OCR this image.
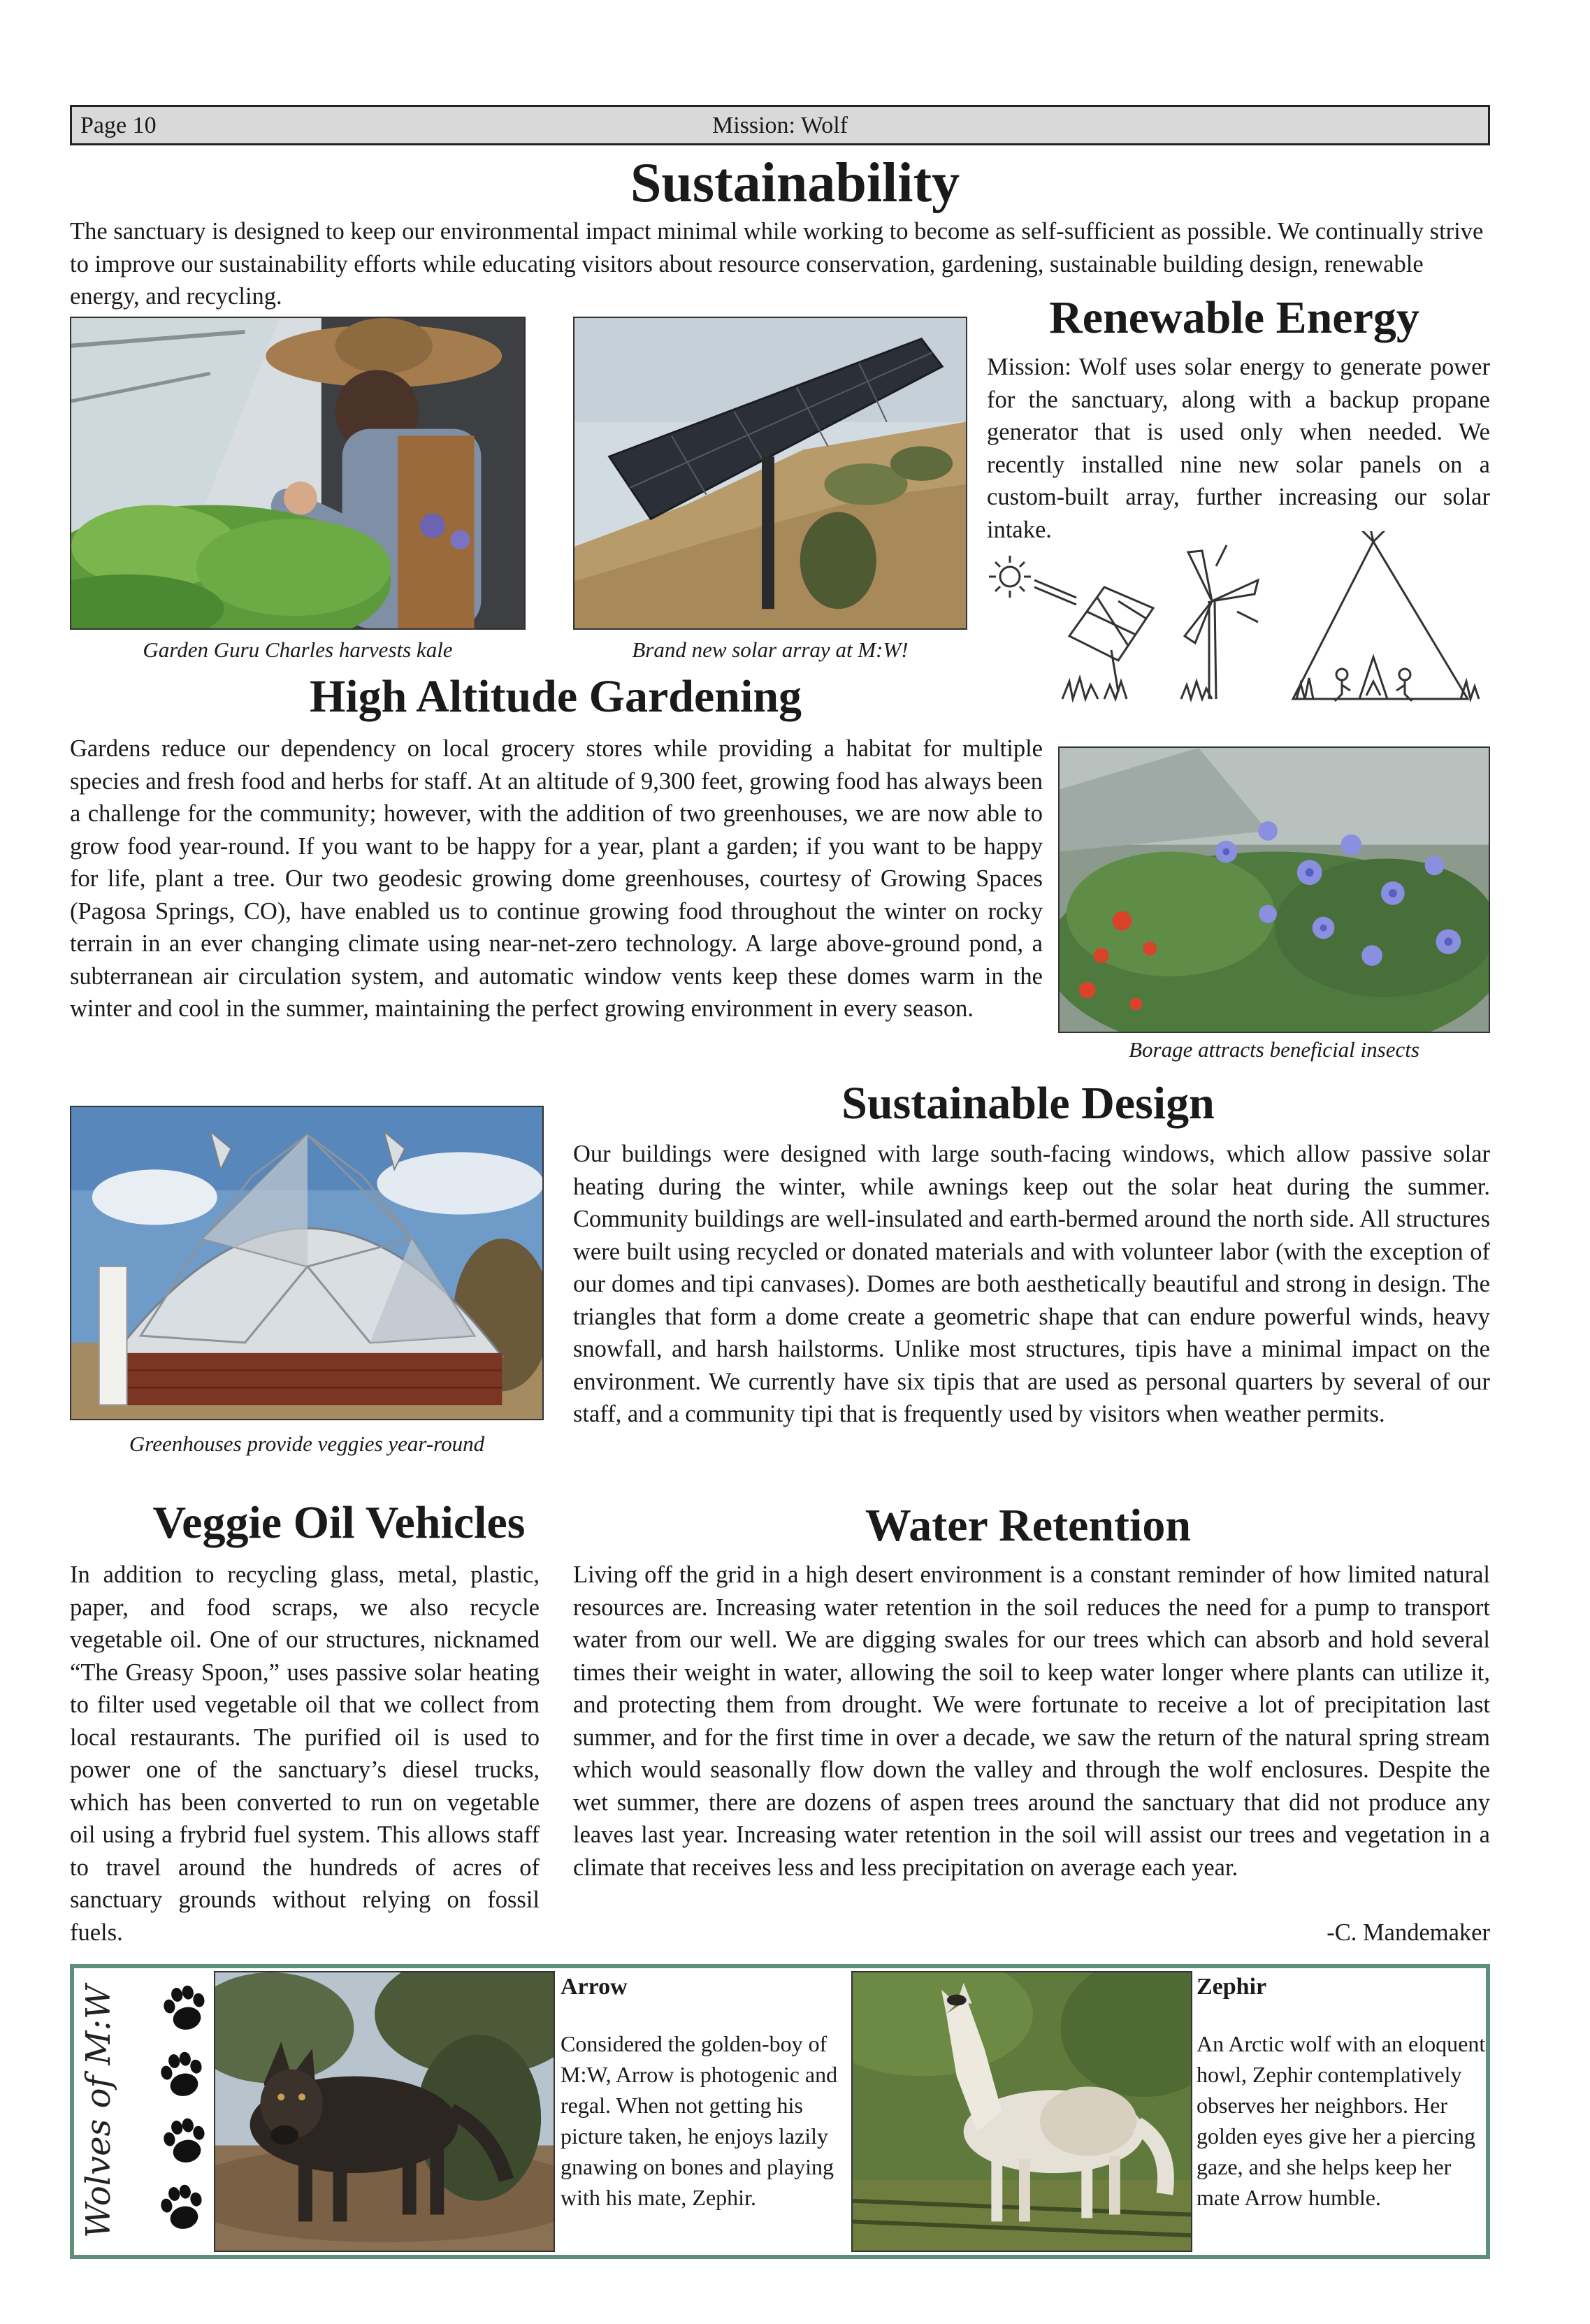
Page 10	Mission: Wolf
Sustainability
The sanctuary is designed to keep our environmental impact minimal while working to become as self-sufficient as possible. We continually strive to improve our sustainability efforts while educating visitors about resource conservation, gardening, sustainable building design, renewable energy, and recycling.
Garden Guru Charles harvests kale	Brand new solar array at M:W!
Renewable Energy
Mission: Wolf uses solar energy to generate power for the sanctuary, along with a backup propane generator that is used only when needed. We recently installed nine new solar panels on a custom-built array, further increasing our solar intake.
High Altitude Gardening
Gardens reduce our dependency on local grocery stores while providing a habitat for multiple species and fresh food and herbs for staff. At an altitude of 9,300 feet, growing food has always been a challenge for the community; however, with the addition of two greenhouses, we are now able to grow food year-round. If you want to be happy for a year, plant a garden; if you want to be happy for life, plant a tree. Our two geodesic growing dome greenhouses, courtesy of Growing Spaces (Pagosa Springs, CO), have enabled us to continue growing food throughout the winter on rocky terrain in an ever changing climate using near-net-zero technology. A large above-ground pond, a subterranean air circulation system, and automatic window vents keep these domes warm in the winter and cool in the summer, maintaining the perfect growing environment in every season.
Borage attracts beneficial insects
Greenhouses provide veggies year-round
Sustainable Design
Our buildings were designed with large south-facing windows, which allow passive solar heating during the winter, while awnings keep out the solar heat during the summer. Community buildings are well-insulated and earth-bermed around the north side. All structures were built using recycled or donated materials and with volunteer labor (with the exception of our domes and tipi canvases). Domes are both aesthetically beautiful and strong in design. The triangles that form a dome create a geometric shape that can endure powerful winds, heavy snowfall, and harsh hailstorms. Unlike most structures, tipis have a minimal impact on the environment. We currently have six tipis that are used as personal quarters by several of our staff, and a community tipi that is frequently used by visitors when weather permits.
Veggie Oil Vehicles
In addition to recycling glass, metal, plastic, paper, and food scraps, we also recycle vegetable oil. One of our structures, nicknamed “The Greasy Spoon,” uses passive solar heating to filter used vegetable oil that we collect from local restaurants. The purified oil is used to power one of the sanctuary’s diesel trucks, which has been converted to run on vegetable oil using a frybrid fuel system. This allows staff to travel around the hundreds of acres of sanctuary grounds without relying on fossil fuels.
Water Retention
Living off the grid in a high desert environment is a constant reminder of how limited natural resources are. Increasing water retention in the soil reduces the need for a pump to transport water from our well. We are digging swales for our trees which can absorb and hold several times their weight in water, allowing the soil to keep water longer where plants can utilize it, and protecting them from drought. We were fortunate to receive a lot of precipitation last summer, and for the first time in over a decade, we saw the return of the natural spring stream which would seasonally flow down the valley and through the wolf enclosures. Despite the wet summer, there are dozens of aspen trees around the sanctuary that did not produce any leaves last year. Increasing water retention in the soil will assist our trees and vegetation in a climate that receives less and less precipitation on average each year.
-C. Mandemaker
Wolves of M:W	Arrow
Considered the golden-boy of M:W, Arrow is photogenic and regal. When not getting his picture taken, he enjoys lazily gnawing on bones and playing with his mate, Zephir.
Zephir
An Arctic wolf with an eloquent howl, Zephir contemplatively observes her neighbors. Her golden eyes give her a piercing gaze, and she helps keep her mate Arrow humble.
